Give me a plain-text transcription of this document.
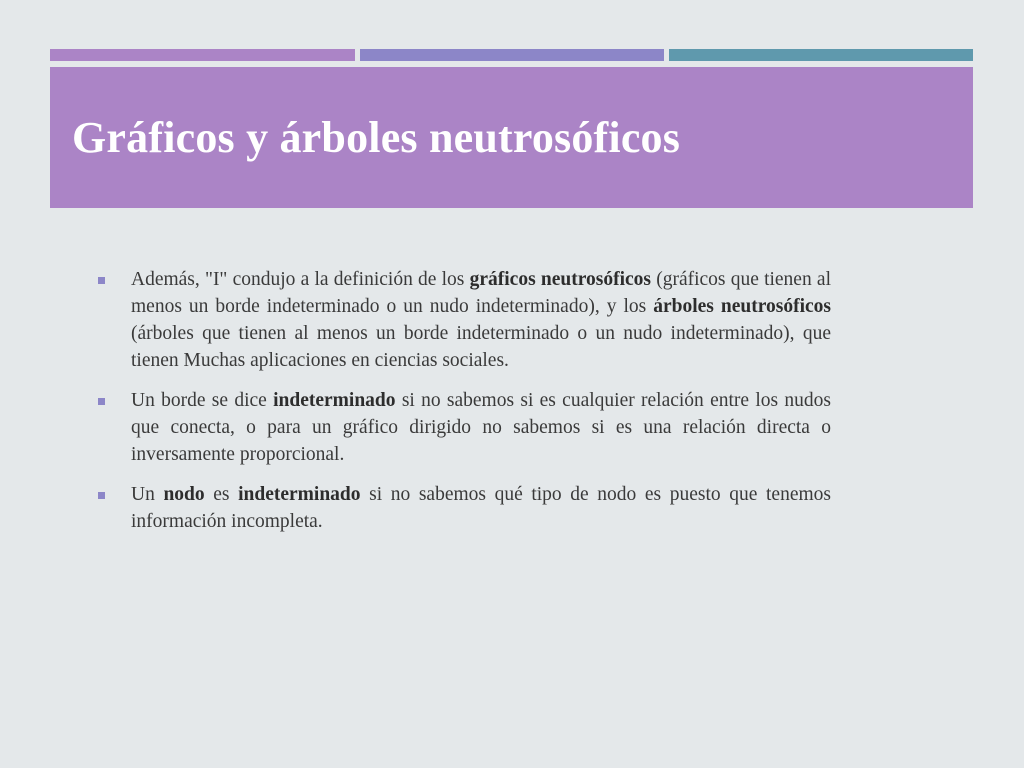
Gráficos y árboles neutrosóficos
Además, "I" condujo a la definición de los gráficos neutrosóficos (gráficos que tienen al menos un borde indeterminado o un nudo indeterminado), y los árboles neutrosóficos (árboles que tienen al menos un borde indeterminado o un nudo indeterminado), que tienen Muchas aplicaciones en ciencias sociales.
Un borde se dice indeterminado si no sabemos si es cualquier relación entre los nudos que conecta, o para un gráfico dirigido no sabemos si es una relación directa o inversamente proporcional.
Un nodo es indeterminado si no sabemos qué tipo de nodo es puesto que tenemos información incompleta.
